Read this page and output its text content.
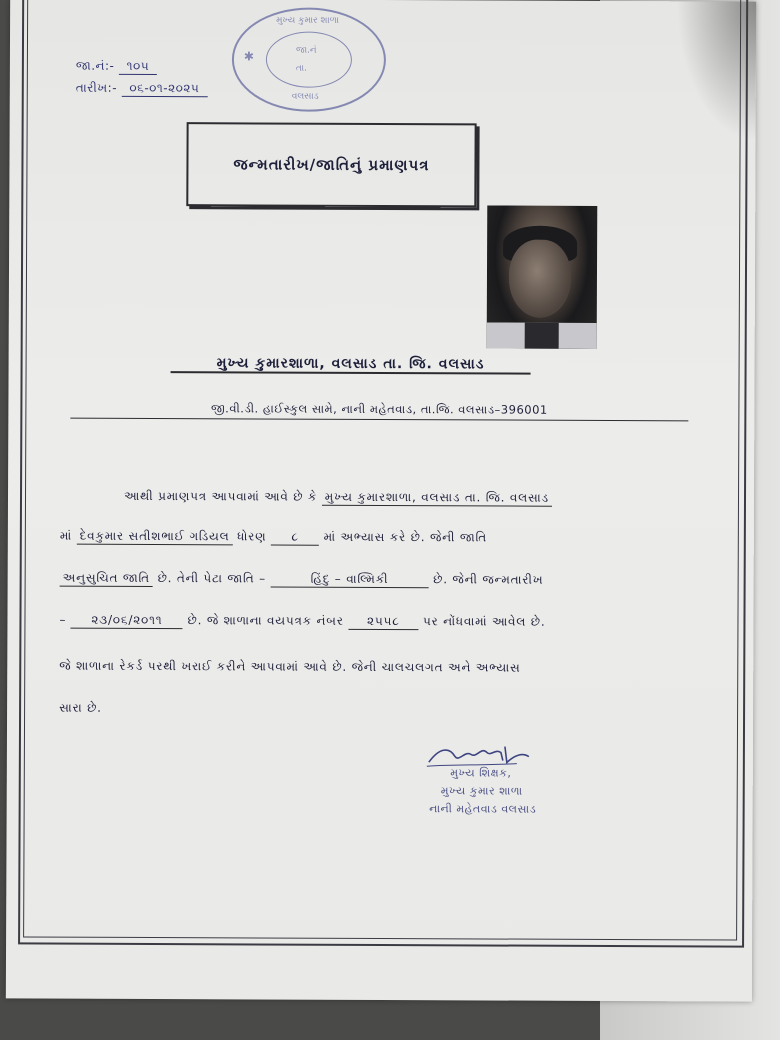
જા.નં:- ૧૦૫
તારીખ:- ૦૬-૦૧-૨૦૨૫
મુખ્ય કુમાર શાળા
જા.નં
તા.
વલસાડ
✱
જન્મતારીખ/જાતિનું પ્રમાણપત્ર
મુખ્ય કુમારશાળા, વલસાડ તા. જિ. વલસાડ
જી.વી.ડી. હાઈસ્કુલ સામે, નાની મહેતવાડ, તા.જિ. વલસાડ–396001
આથી પ્રમાણપત્ર આપવામાં આવે છે કે મુખ્ય કુમારશાળા, વલસાડ તા. જિ. વલસાડ
માં દેવકુમાર સતીશભાઈ ગડિયલ ધોરણ ૮ માં અભ્યાસ કરે છે. જેની જાતિ
અનુસુચિત જાતિ છે. તેની પેટા જાતિ –	હિંદુ – વાલ્મિકી	છે. જેની જન્મતારીખ
– ૨૩/૦૬/૨૦૧૧ છે. જે શાળાના વયપત્રક નંબર ૨૫૫૮ પર નોંધવામાં આવેલ છે.
જે શાળાના રેકર્ડ પરથી ખરાઈ કરીને આપવામાં આવે છે. જેની ચાલચલગત અને અભ્યાસ
સારા છે.
મુખ્ય શિક્ષક,
મુખ્ય કુમાર શાળા
નાની મહેતવાડ વલસાડ
